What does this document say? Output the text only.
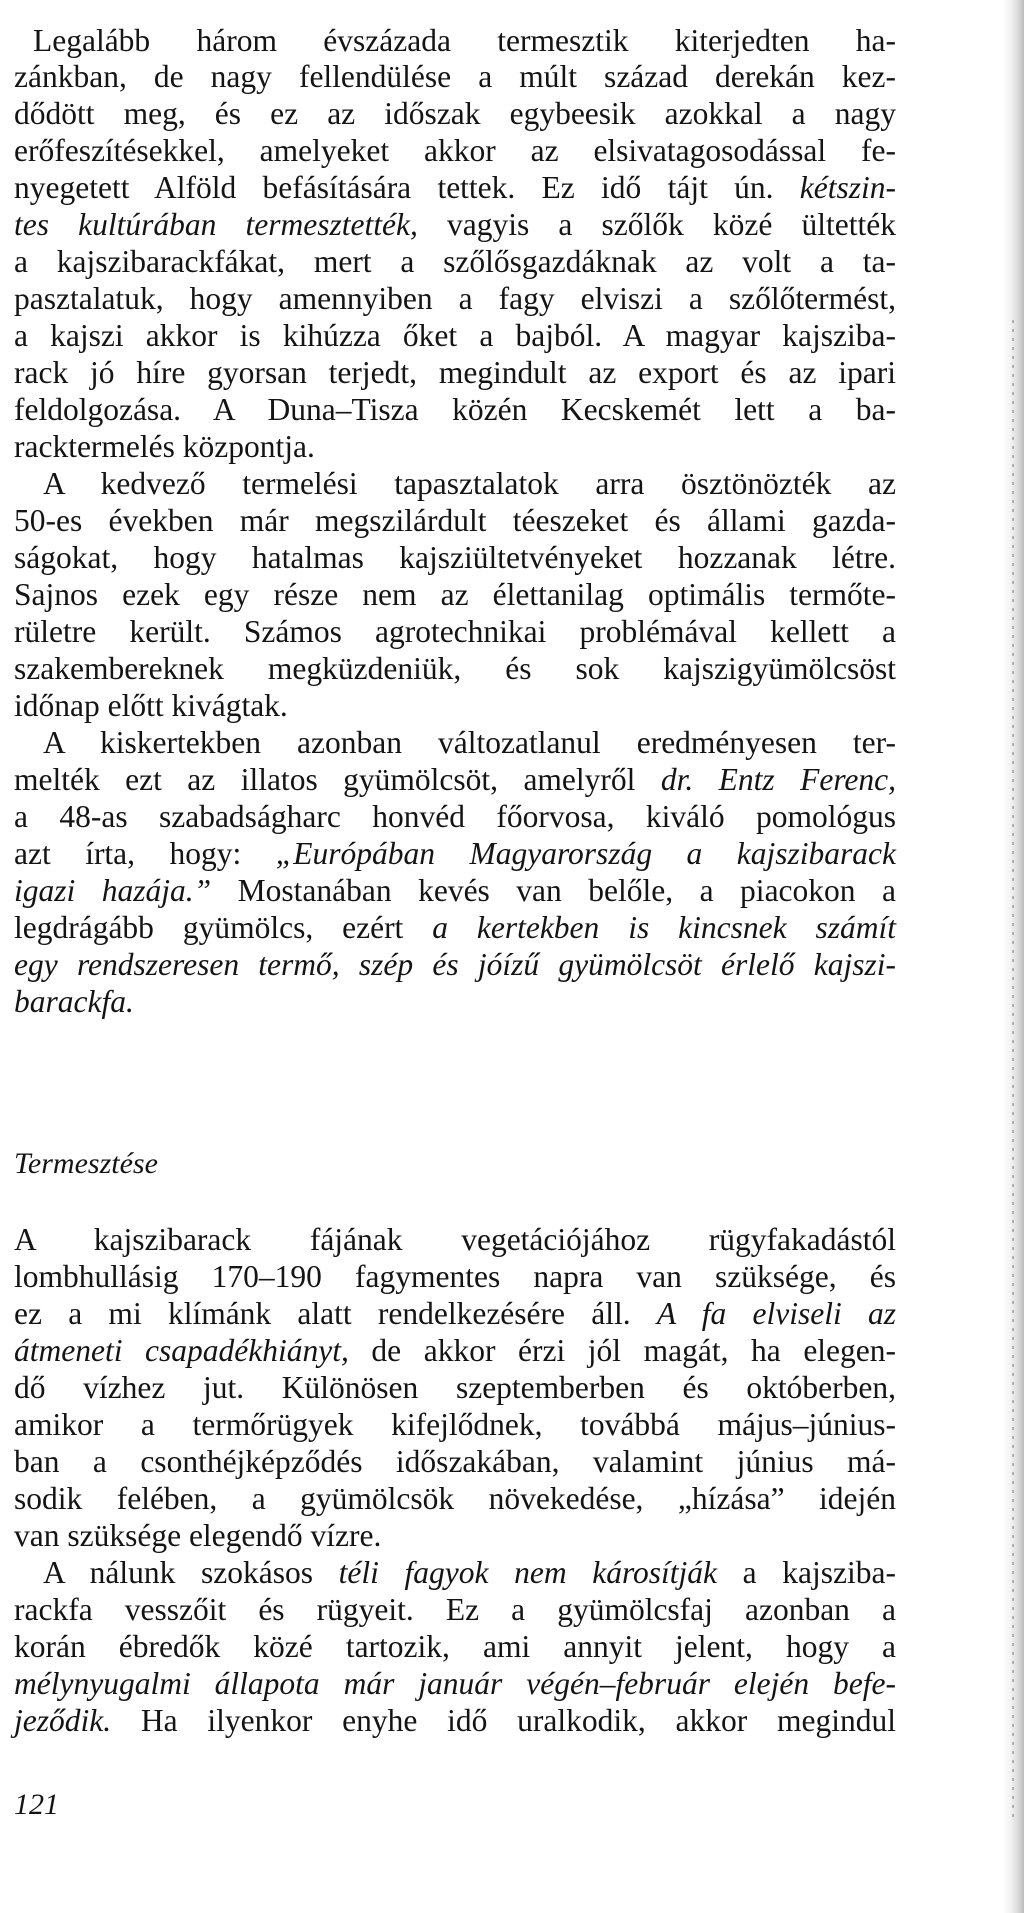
Legalább három évszázada termesztik kiterjedten ha-
zánkban, de nagy fellendülése a múlt század derekán kez-
dődött meg, és ez az időszak egybeesik azokkal a nagy
erőfeszítésekkel, amelyeket akkor az elsivatagosodással fe-
nyegetett Alföld befásítására tettek. Ez idő tájt ún. kétszin-
tes kultúrában termesztették, vagyis a szőlők közé ültették
a kajszibarackfákat, mert a szőlősgazdáknak az volt a ta-
pasztalatuk, hogy amennyiben a fagy elviszi a szőlőtermést,
a kajszi akkor is kihúzza őket a bajból. A magyar kajsziba-
rack jó híre gyorsan terjedt, megindult az export és az ipari
feldolgozása. A Duna–Tisza közén Kecskemét lett a ba-
racktermelés központja.
A kedvező termelési tapasztalatok arra ösztönözték az
50-es években már megszilárdult téeszeket és állami gazda-
ságokat, hogy hatalmas kajsziültetvényeket hozzanak létre.
Sajnos ezek egy része nem az élettanilag optimális termőte-
rületre került. Számos agrotechnikai problémával kellett a
szakembereknek megküzdeniük, és sok kajszigyümölcsöst
időnap előtt kivágtak.
A kiskertekben azonban változatlanul eredményesen ter-
melték ezt az illatos gyümölcsöt, amelyről dr. Entz Ferenc,
a 48-as szabadságharc honvéd főorvosa, kiváló pomológus
azt írta, hogy: „Európában Magyarország a kajszibarack
igazi hazája.” Mostanában kevés van belőle, a piacokon a
legdrágább gyümölcs, ezért a kertekben is kincsnek számít
egy rendszeresen termő, szép és jóízű gyümölcsöt érlelő kajszi-
barackfa.
Termesztése
A kajszibarack fájának vegetációjához rügyfakadástól
lombhullásig 170–190 fagymentes napra van szüksége, és
ez a mi klímánk alatt rendelkezésére áll. A fa elviseli az
átmeneti csapadékhiányt, de akkor érzi jól magát, ha elegen-
dő vízhez jut. Különösen szeptemberben és októberben,
amikor a termőrügyek kifejlődnek, továbbá május–június-
ban a csonthéjképződés időszakában, valamint június má-
sodik felében, a gyümölcsök növekedése, „hízása” idején
van szüksége elegendő vízre.
A nálunk szokásos téli fagyok nem károsítják a kajsziba-
rackfa vesszőit és rügyeit. Ez a gyümölcsfaj azonban a
korán ébredők közé tartozik, ami annyit jelent, hogy a
mélynyugalmi állapota már január végén–február elején befe-
jeződik. Ha ilyenkor enyhe idő uralkodik, akkor megindul
121
